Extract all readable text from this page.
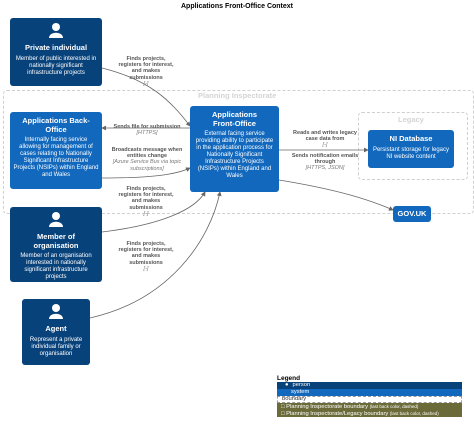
Applications Front-Office Context
Planning Inspectorate
Legacy
Private individual
Member of public interested in nationally significant infrastructure projects
Applications Back-Office
Internally facing service allowing for management of cases relating to Nationally Significant Infrastructure Projects (NSIPs) within England and Wales
Member of organisation
Member of an organisation interested in nationally significant infrastructure projects
Agent
Represent a private individual family or organisation
Applications Front-Office
External facing service providing ability to participate in the application process for Nationally Significant Infrastructure Projects (NSIPs) within England and Wales
NI Database
Persistant storage for legacy NI website content
GOV.UK
Finds projects, registers for interest, and makes submissions
[-]
Sends file for submission
[HTTPS]
Broadcasts message when entities change
[Azure Service Bus via topic subscriptions]
Finds projects, registers for interest, and makes submissions
[-]
Finds projects, registers for interest, and makes submissions
[-]
Reads and writes legacy case data from
[-]
Sends notification emails through
[HTTPS, JSON]
Legend
● person
system
boundary
□ Planning Inspectorate boundary (last back color, dashed)
□ Planning Inspectorate/Legacy boundary (last back color, dashed)
